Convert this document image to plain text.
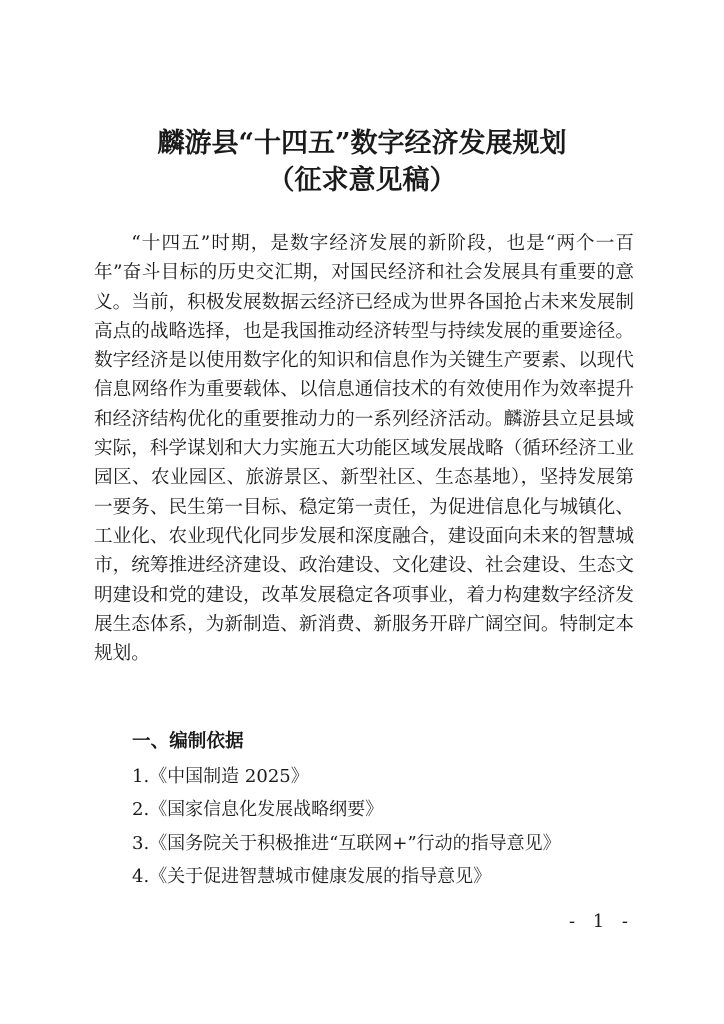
麟游县“十四五”数字经济发展规划
（征求意见稿）

“十四五”时期，是数字经济发展的新阶段，也是“两个一百年”奋斗目标的历史交汇期，对国民经济和社会发展具有重要的意义。当前，积极发展数据云经济已经成为世界各国抢占未来发展制高点的战略选择，也是我国推动经济转型与持续发展的重要途径。数字经济是以使用数字化的知识和信息作为关键生产要素、以现代信息网络作为重要载体、以信息通信技术的有效使用作为效率提升和经济结构优化的重要推动力的一系列经济活动。麟游县立足县域实际，科学谋划和大力实施五大功能区域发展战略（循环经济工业园区、农业园区、旅游景区、新型社区、生态基地），坚持发展第一要务、民生第一目标、稳定第一责任，为促进信息化与城镇化、工业化、农业现代化同步发展和深度融合，建设面向未来的智慧城市，统筹推进经济建设、政治建设、文化建设、社会建设、生态文明建设和党的建设，改革发展稳定各项事业，着力构建数字经济发展生态体系，为新制造、新消费、新服务开辟广阔空间。特制定本规划。

一、编制依据
1.《中国制造 2025》
2.《国家信息化发展战略纲要》
3.《国务院关于积极推进“互联网+”行动的指导意见》
4.《关于促进智慧城市健康发展的指导意见》
- 1 -
